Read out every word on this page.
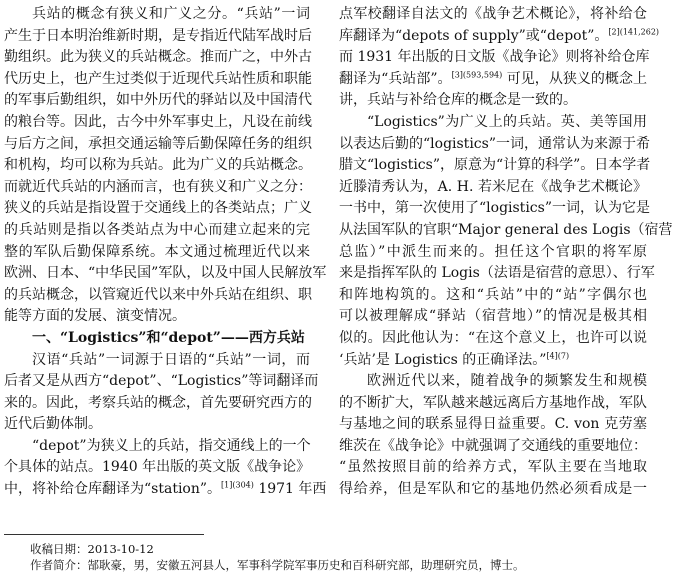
兵站的概念有狭义和广义之分。“兵站”一词
产生于日本明治维新时期，是专指近代陆军战时后
勤组织。此为狭义的兵站概念。推而广之，中外古
代历史上，也产生过类似于近现代兵站性质和职能
的军事后勤组织，如中外历代的驿站以及中国清代
的粮台等。因此，古今中外军事史上，凡设在前线
与后方之间，承担交通运输等后勤保障任务的组织
和机构，均可以称为兵站。此为广义的兵站概念。
而就近代兵站的内涵而言，也有狭义和广义之分：
狭义的兵站是指设置于交通线上的各类站点；广义
的兵站则是指以各类站点为中心而建立起来的完
整的军队后勤保障系统。本文通过梳理近代以来
欧洲、日本、“中华民国”军队，以及中国人民解放军
的兵站概念，以管窥近代以来中外兵站在组织、职
能等方面的发展、演变情况。
一、“Logistics”和“depot”——西方兵站
汉语“兵站”一词源于日语的“兵站”一词，而
后者又是从西方“depot”、“Logistics”等词翻译而
来的。因此，考察兵站的概念，首先要研究西方的
近代后勤体制。
“depot”为狭义上的兵站，指交通线上的一个
个具体的站点。1940 年出版的英文版《战争论》
中，将补给仓库翻译为“station”。$^{[1](304)}$ 1971 年西
点军校翻译自法文的《战争艺术概论》，将补给仓
库翻译为“depots of supply”或“depot”。$^{[2](141,262)}$
而 1931 年出版的日文版《战争论》则将补给仓库
翻译为“兵站部”。$^{[3](593,594)}$ 可见，从狭义的概念上
讲，兵站与补给仓库的概念是一致的。
“Logistics”为广义上的兵站。英、美等国用
以表达后勤的“logistics”一词，通常认为来源于希
腊文“logistics”，原意为“计算的科学”。日本学者
近滕清秀认为，A. H. 若米尼在《战争艺术概论》
一书中，第一次使用了“logistics”一词，认为它是
从法国军队的官职“Major general des Logis（宿营
总监）”中派生而来的。担任这个官职的将军原
来是指挥军队的 Logis（法语是宿营的意思）、行军
和阵地构筑的。这和“兵站”中的“站”字偶尔也
可以被理解成“驿站（宿营地）”的情况是极其相
似的。因此他认为：“在这个意义上，也许可以说
‘兵站’是 Logistics 的正确译法。”$^{[4](7)}$
欧洲近代以来，随着战争的频繁发生和规模
的不断扩大，军队越来越远离后方基地作战，军队
与基地之间的联系显得日益重要。C. von 克劳塞
维茨在《战争论》中就强调了交通线的重要地位：
“虽然按照目前的给养方式，军队主要在当地取
得给养，但是军队和它的基地仍然必须看成是一
收稿日期：2013-10-12
作者简介：郜耿豪，男，安徽五河县人，军事科学院军事历史和百科研究部，助理研究员，博士。
